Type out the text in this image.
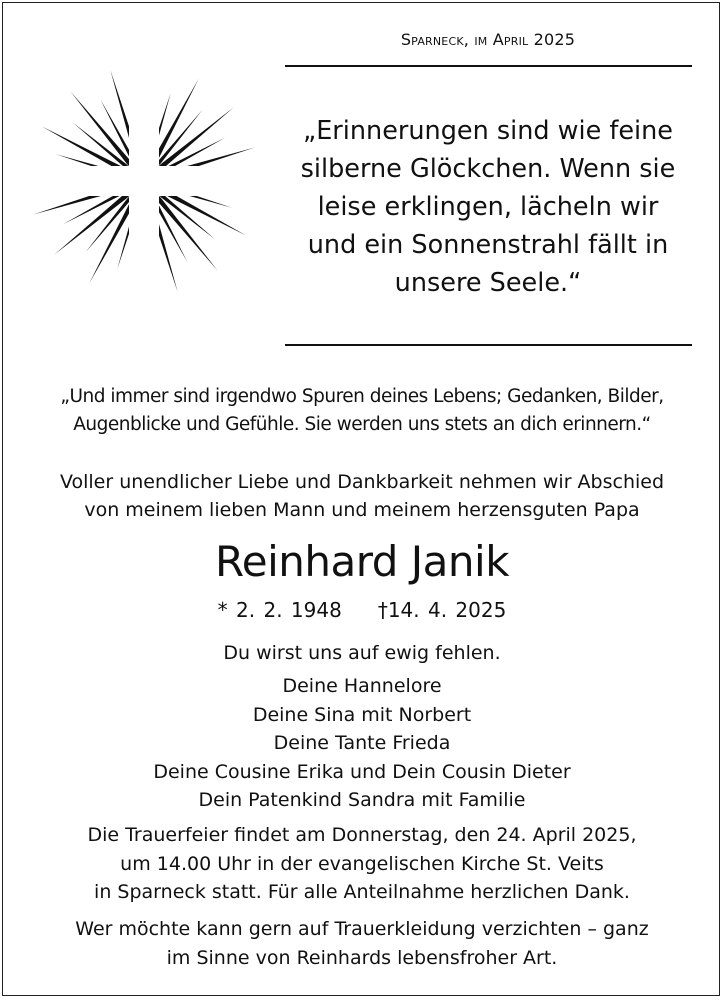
Sparneck, im April 2025
„Erinnerungen sind wie feine
silberne Glöckchen. Wenn sie
leise erklingen, lächeln wir
und ein Sonnenstrahl fällt in
unsere Seele.“
„Und immer sind irgendwo Spuren deines Lebens; Gedanken, Bilder,
Augenblicke und Gefühle. Sie werden uns stets an dich erinnern.“
Voller unendlicher Liebe und Dankbarkeit nehmen wir Abschied
von meinem lieben Mann und meinem herzensguten Papa
Reinhard Janik
* 2. 2. 1948 †14. 4. 2025
Du wirst uns auf ewig fehlen.
Deine Hannelore
Deine Sina mit Norbert
Deine Tante Frieda
Deine Cousine Erika und Dein Cousin Dieter
Dein Patenkind Sandra mit Familie
Die Trauerfeier findet am Donnerstag, den 24. April 2025,
um 14.00 Uhr in der evangelischen Kirche St. Veits
in Sparneck statt. Für alle Anteilnahme herzlichen Dank.
Wer möchte kann gern auf Trauerkleidung verzichten – ganz
im Sinne von Reinhards lebensfroher Art.
